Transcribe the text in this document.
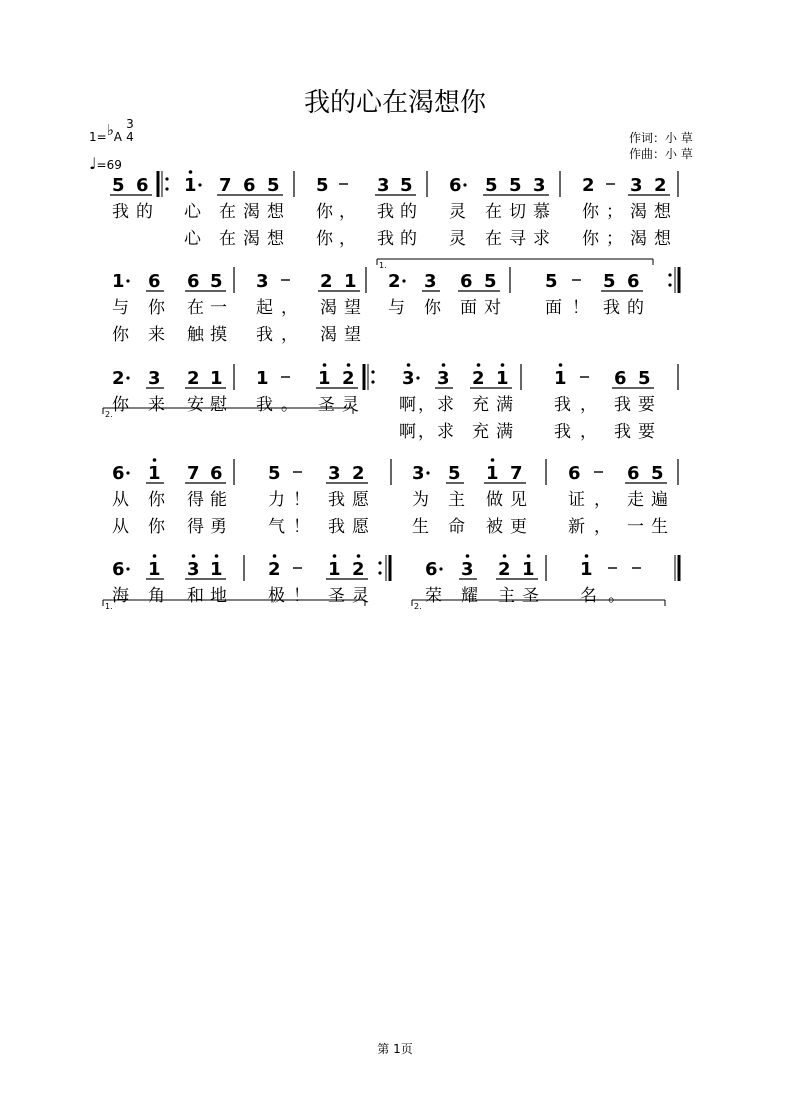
我的心在渴想你
1=♭A
3
4
♩=69
作词：小 草
作曲：小 草
5 6 1 7 6 5 5	3 5 6 5 5 3 2 3 2
我 的 心 在 渴 想 你 ， 我 的 灵 在 切 慕 你 ； 渴 想
心 在 渴 想 你 ， 我 的 灵 在 寻 求 你 ； 渴 想
1.
1 6 6 5 3	2 1 2 3 6 5	5	5 6
与 你 在 一 起 ， 渴 望 与 你 面 对	面 ！ 我 的
你 来 触 摸 我 ， 渴 望
2.
2 3 2 1 1	1 2	3 3 2 1	1	6 5
你 来 安 慰 我 。 圣 灵 啊 ， 求 充 满 我 ， 我 要
啊 ， 求 充 满 我 ， 我 要
6 1 7 6	5	3 2	3 5 1 7	6	6 5
从 你 得 能 力 ！ 我 愿	为 主 做 见 证 ， 走 遍
从 你 得 勇 气 ！ 我 愿	生 命 被 更 新 ， 一 生
1.	2.
6 1 3 1	2	1 2	6 3 2 1	1
海 角 和 地 极 ！ 圣 灵	荣 耀 主 圣 名 。
第 1页
